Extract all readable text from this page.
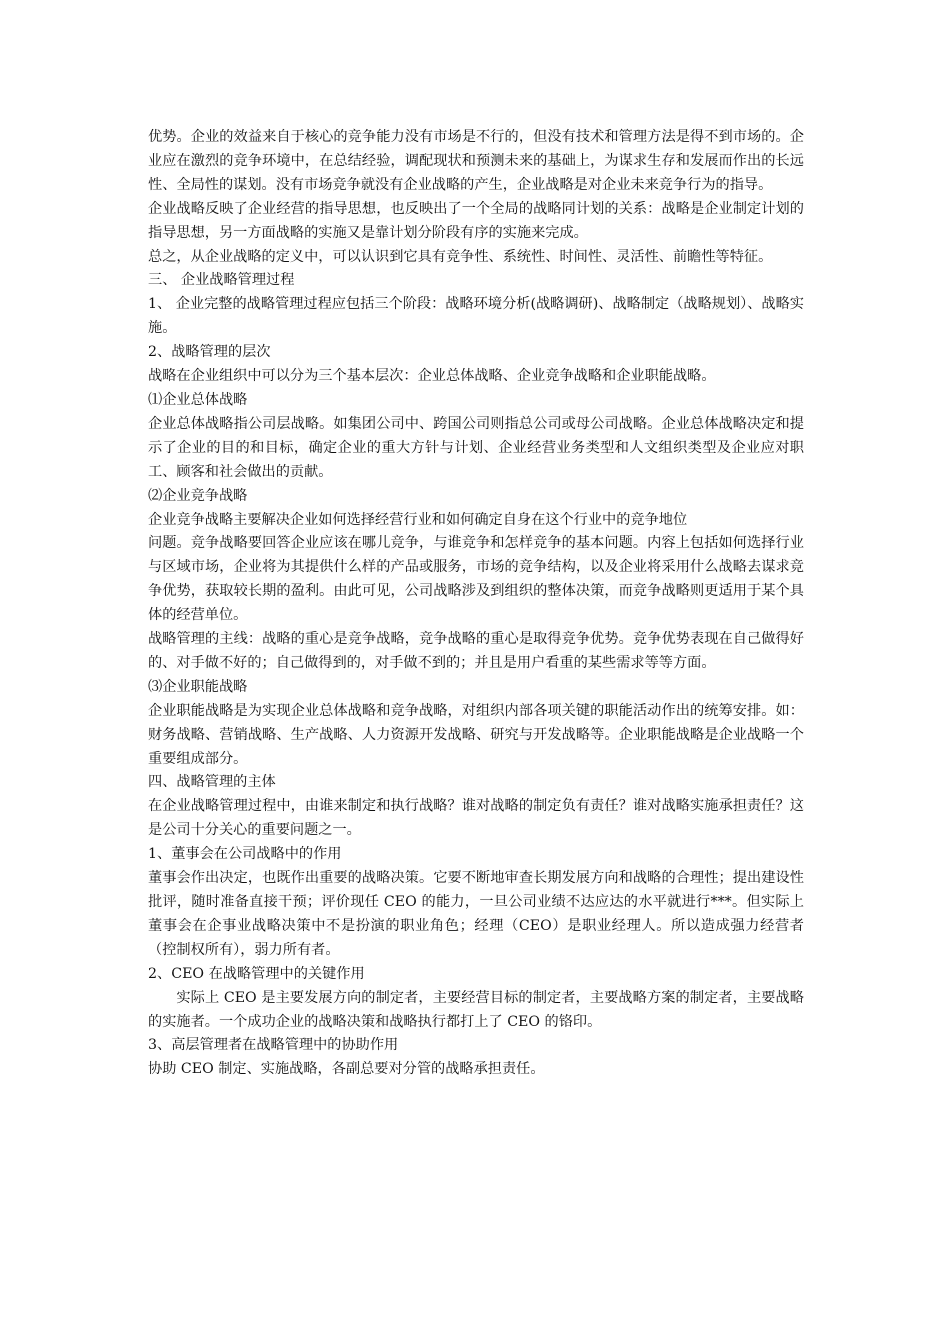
优势。企业的效益来自于核心的竞争能力没有市场是不行的，但没有技术和管理方法是得不到市场的。企业应在激烈的竞争环境中，在总结经验，调配现状和预测未来的基础上，为谋求生存和发展而作出的长远性、全局性的谋划。没有市场竞争就没有企业战略的产生，企业战略是对企业未来竞争行为的指导。

企业战略反映了企业经营的指导思想，也反映出了一个全局的战略同计划的关系：战略是企业制定计划的指导思想，另一方面战略的实施又是靠计划分阶段有序的实施来完成。

总之，从企业战略的定义中，可以认识到它具有竞争性、系统性、时间性、灵活性、前瞻性等特征。

三、 企业战略管理过程

1、 企业完整的战略管理过程应包括三个阶段：战略环境分析(战略调研)、战略制定（战略规划）、战略实施。

2、战略管理的层次

战略在企业组织中可以分为三个基本层次：企业总体战略、企业竞争战略和企业职能战略。

⑴企业总体战略

企业总体战略指公司层战略。如集团公司中、跨国公司则指总公司或母公司战略。企业总体战略决定和提示了企业的目的和目标，确定企业的重大方针与计划、企业经营业务类型和人文组织类型及企业应对职工、顾客和社会做出的贡献。

⑵企业竞争战略

企业竞争战略主要解决企业如何选择经营行业和如何确定自身在这个行业中的竞争地位

问题。竞争战略要回答企业应该在哪儿竞争，与谁竞争和怎样竞争的基本问题。内容上包括如何选择行业与区域市场，企业将为其提供什么样的产品或服务，市场的竞争结构，以及企业将采用什么战略去谋求竞争优势，获取较长期的盈利。由此可见，公司战略涉及到组织的整体决策，而竞争战略则更适用于某个具体的经营单位。

战略管理的主线：战略的重心是竞争战略，竞争战略的重心是取得竞争优势。竞争优势表现在自己做得好的、对手做不好的；自己做得到的，对手做不到的；并且是用户看重的某些需求等等方面。

⑶企业职能战略

企业职能战略是为实现企业总体战略和竞争战略，对组织内部各项关键的职能活动作出的统筹安排。如：财务战略、营销战略、生产战略、人力资源开发战略、研究与开发战略等。企业职能战略是企业战略一个重要组成部分。

四、战略管理的主体

在企业战略管理过程中，由谁来制定和执行战略？谁对战略的制定负有责任？谁对战略实施承担责任？这是公司十分关心的重要问题之一。

1、董事会在公司战略中的作用

董事会作出决定，也既作出重要的战略决策。它要不断地审查长期发展方向和战略的合理性；提出建设性批评，随时准备直接干预；评价现任 CEO 的能力，一旦公司业绩不达应达的水平就进行***。但实际上董事会在企事业战略决策中不是扮演的职业角色；经理（CEO）是职业经理人。所以造成强力经营者（控制权所有），弱力所有者。

2、CEO 在战略管理中的关键作用

实际上 CEO 是主要发展方向的制定者，主要经营目标的制定者，主要战略方案的制定者，主要战略的实施者。一个成功企业的战略决策和战略执行都打上了 CEO 的铬印。

3、高层管理者在战略管理中的协助作用

协助 CEO 制定、实施战略，各副总要对分管的战略承担责任。
